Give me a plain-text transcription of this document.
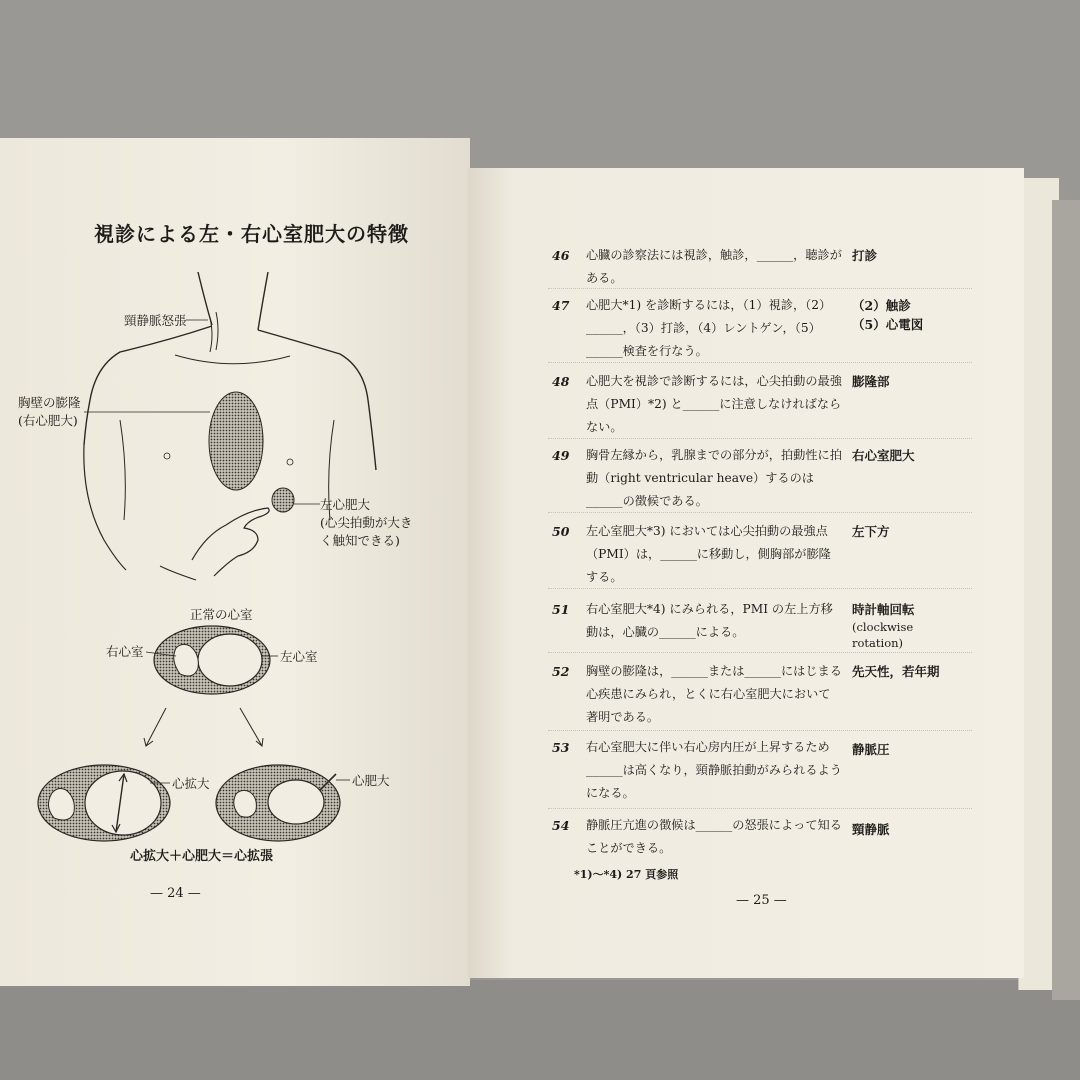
視診による左・右心室肥大の特徴
頸静脈怒張
胸壁の膨隆
(右心肥大)
左心肥大
(心尖拍動が大き
く触知できる)
正常の心室
右心室	左心室
心拡大	心肥大
心拡大＋心肥大＝心拡張
— 24 —
46 心臓の診察法には視診，触診，______，聴診がある。
打診
47 心肥大*1) を診断するには，（1）視診，（2）______，（3）打診，（4）レントゲン，（5）______検査を行なう。
（2）触診
（5）心電図
48 心肥大を視診で診断するには，心尖拍動の最強点（PMI）*2) と______に注意しなければならない。
膨隆部
49 胸骨左縁から，乳腺までの部分が，拍動性に拍動（right ventricular heave）するのは______の徴候である。
右心室肥大
50 左心室肥大*3) においては心尖拍動の最強点（PMI）は，______に移動し，側胸部が膨隆する。
左下方
51 右心室肥大*4) にみられる，PMI の左上方移動は，心臓の______による。
時計軸回転
(clockwise
rotation)
52 胸壁の膨隆は，______または______にはじまる心疾患にみられ，とくに右心室肥大において著明である。
先天性，若年期
53 右心室肥大に伴い右心房内圧が上昇するため______は高くなり，頸静脈拍動がみられるようになる。
静脈圧
54 静脈圧亢進の徴候は______の怒張によって知ることができる。
頸静脈
*1)〜*4) 27 頁参照
— 25 —
